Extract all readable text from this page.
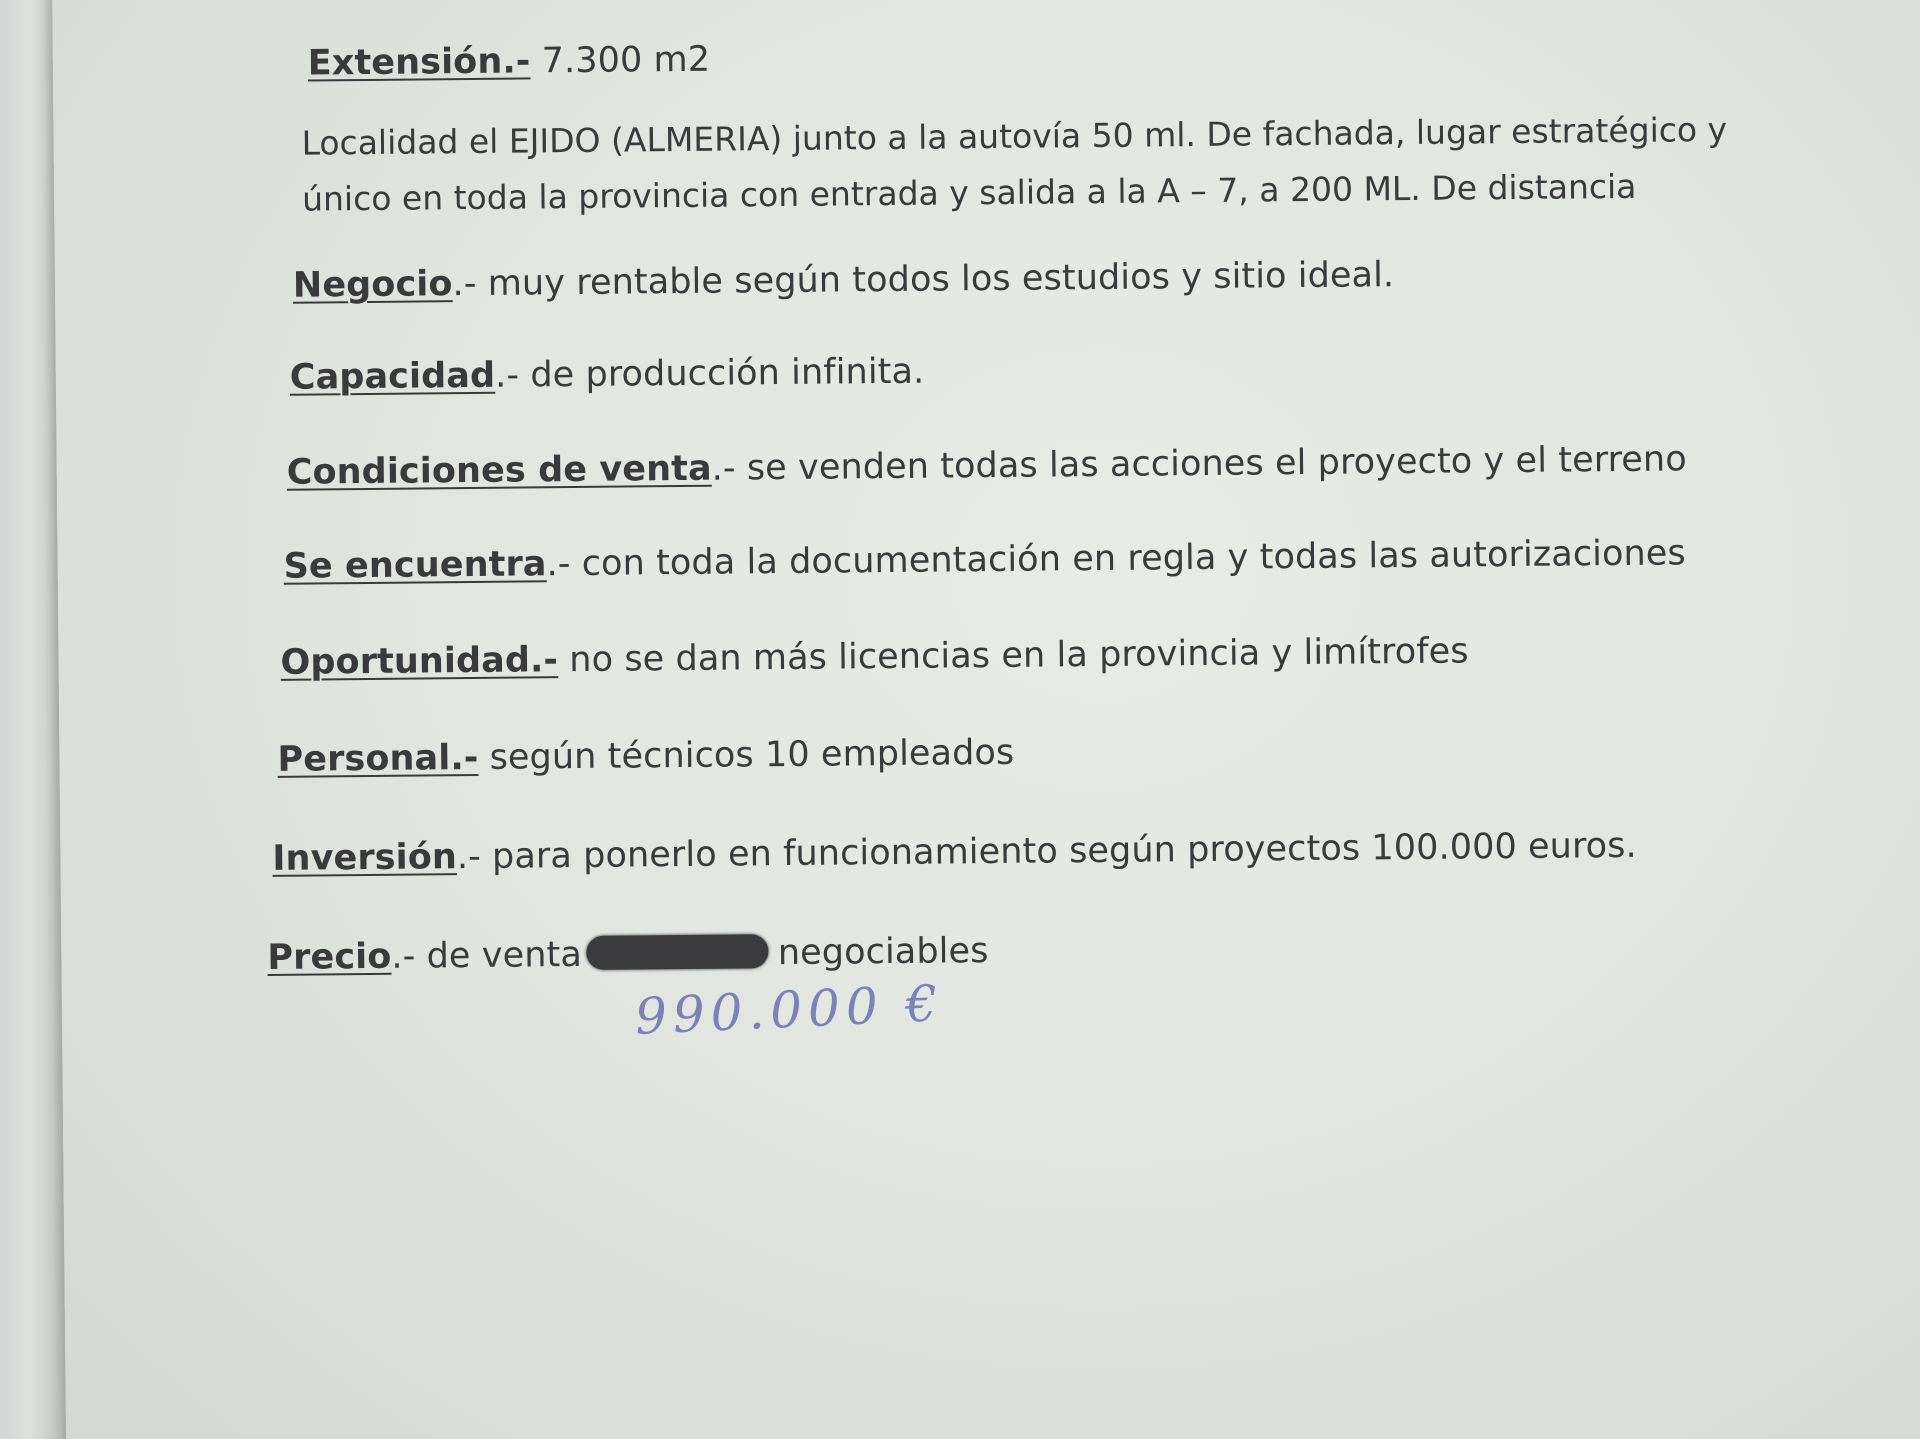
Extensión.- 7.300 m2
Localidad el EJIDO (ALMERIA) junto a la autovía 50 ml. De fachada, lugar estratégico y
único en toda la provincia con entrada y salida a la A – 7, a 200 ML. De distancia
Negocio.- muy rentable según todos los estudios y sitio ideal.
Capacidad.- de producción infinita.
Condiciones de venta.- se venden todas las acciones el proyecto y el terreno
Se encuentra.- con toda la documentación en regla y todas las autorizaciones
Oportunidad.- no se dan más licencias en la provincia y limítrofes
Personal.- según técnicos 10 empleados
Inversión.- para ponerlo en funcionamiento según proyectos 100.000 euros.
Precio.- de venta	negociables
990.000 €
